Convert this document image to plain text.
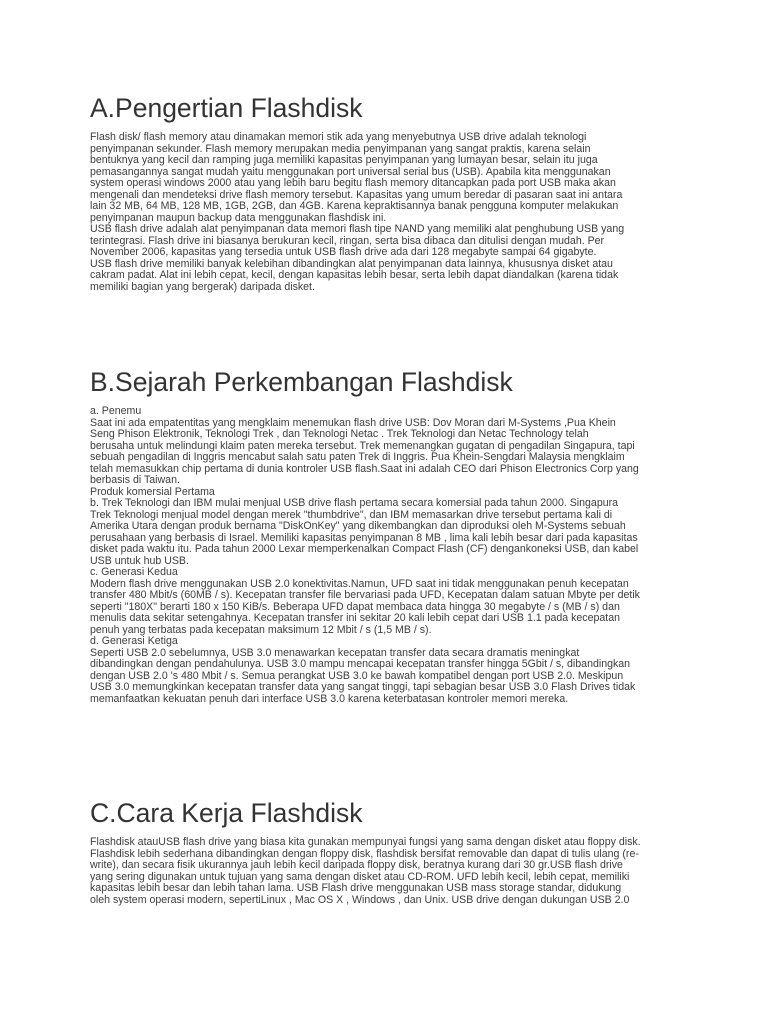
A.Pengertian Flashdisk
Flash disk/ flash memory atau dinamakan memori stik ada yang menyebutnya USB drive adalah teknologi
penyimpanan sekunder. Flash memory merupakan media penyimpanan yang sangat praktis, karena selain
bentuknya yang kecil dan ramping juga memiliki kapasitas penyimpanan yang lumayan besar, selain itu juga
pemasangannya sangat mudah yaitu menggunakan port universal serial bus (USB). Apabila kita menggunakan
system operasi windows 2000 atau yang lebih baru begitu flash memory ditancapkan pada port USB maka akan
mengenali dan mendeteksi drive flash memory tersebut. Kapasitas yang umum beredar di pasaran saat ini antara
lain 32 MB, 64 MB, 128 MB, 1GB, 2GB, dan 4GB. Karena kepraktisannya banak pengguna komputer melakukan
penyimpanan maupun backup data menggunakan flashdisk ini.
USB flash drive adalah alat penyimpanan data memori flash tipe NAND yang memiliki alat penghubung USB yang
terintegrasi. Flash drive ini biasanya berukuran kecil, ringan, serta bisa dibaca dan ditulisi dengan mudah. Per
November 2006, kapasitas yang tersedia untuk USB flash drive ada dari 128 megabyte sampai 64 gigabyte.
USB flash drive memiliki banyak kelebihan dibandingkan alat penyimpanan data lainnya, khususnya disket atau
cakram padat. Alat ini lebih cepat, kecil, dengan kapasitas lebih besar, serta lebih dapat diandalkan (karena tidak
memiliki bagian yang bergerak) daripada disket.
B.Sejarah Perkembangan Flashdisk
a. Penemu
Saat ini ada empatentitas yang mengklaim menemukan flash drive USB: Dov Moran dari M-Systems ,Pua Khein
Seng Phison Elektronik, Teknologi Trek , dan Teknologi Netac . Trek Teknologi dan Netac Technology telah
berusaha untuk melindungi klaim paten mereka tersebut. Trek memenangkan gugatan di pengadilan Singapura, tapi
sebuah pengadilan di Inggris mencabut salah satu paten Trek di Inggris. Pua Khein-Sengdari Malaysia mengklaim
telah memasukkan chip pertama di dunia kontroler USB flash.Saat ini adalah CEO dari Phison Electronics Corp yang
berbasis di Taiwan.
Produk komersial Pertama
b. Trek Teknologi dan IBM mulai menjual USB drive flash pertama secara komersial pada tahun 2000. Singapura
Trek Teknologi menjual model dengan merek "thumbdrive", dan IBM memasarkan drive tersebut pertama kali di
Amerika Utara dengan produk bernama "DiskOnKey" yang dikembangkan dan diproduksi oleh M-Systems sebuah
perusahaan yang berbasis di Israel. Memiliki kapasitas penyimpanan 8 MB , lima kali lebih besar dari pada kapasitas
disket pada waktu itu. Pada tahun 2000 Lexar memperkenalkan Compact Flash (CF) dengankoneksi USB, dan kabel
USB untuk hub USB.
c. Generasi Kedua
Modern flash drive menggunakan USB 2.0 konektivitas.Namun, UFD saat ini tidak menggunakan penuh kecepatan
transfer 480 Mbit/s (60MB / s). Kecepatan transfer file bervariasi pada UFD, Kecepatan dalam satuan Mbyte per detik
seperti "180X" berarti 180 x 150 KiB/s. Beberapa UFD dapat membaca data hingga 30 megabyte / s (MB / s) dan
menulis data sekitar setengahnya. Kecepatan transfer ini sekitar 20 kali lebih cepat dari USB 1.1 pada kecepatan
penuh yang terbatas pada kecepatan maksimum 12 Mbit / s (1,5 MB / s).
d. Generasi Ketiga
Seperti USB 2.0 sebelumnya, USB 3.0 menawarkan kecepatan transfer data secara dramatis meningkat
dibandingkan dengan pendahulunya. USB 3.0 mampu mencapai kecepatan transfer hingga 5Gbit / s, dibandingkan
dengan USB 2.0 's 480 Mbit / s. Semua perangkat USB 3.0 ke bawah kompatibel dengan port USB 2.0. Meskipun
USB 3.0 memungkinkan kecepatan transfer data yang sangat tinggi, tapi sebagian besar USB 3.0 Flash Drives tidak
memanfaatkan kekuatan penuh dari interface USB 3.0 karena keterbatasan kontroler memori mereka.
C.Cara Kerja Flashdisk
Flashdisk atauUSB flash drive yang biasa kita gunakan mempunyai fungsi yang sama dengan disket atau floppy disk.
Flashdisk lebih sederhana dibandingkan dengan floppy disk, flashdisk bersifat removable dan dapat di tulis ulang (re-
write), dan secara fisik ukurannya jauh lebih kecil daripada floppy disk, beratnya kurang dari 30 gr.USB flash drive
yang sering digunakan untuk tujuan yang sama dengan disket atau CD-ROM. UFD lebih kecil, lebih cepat, memiliki
kapasitas lebih besar dan lebih tahan lama. USB Flash drive menggunakan USB mass storage standar, didukung
oleh system operasi modern, sepertiLinux , Mac OS X , Windows , dan Unix. USB drive dengan dukungan USB 2.0
